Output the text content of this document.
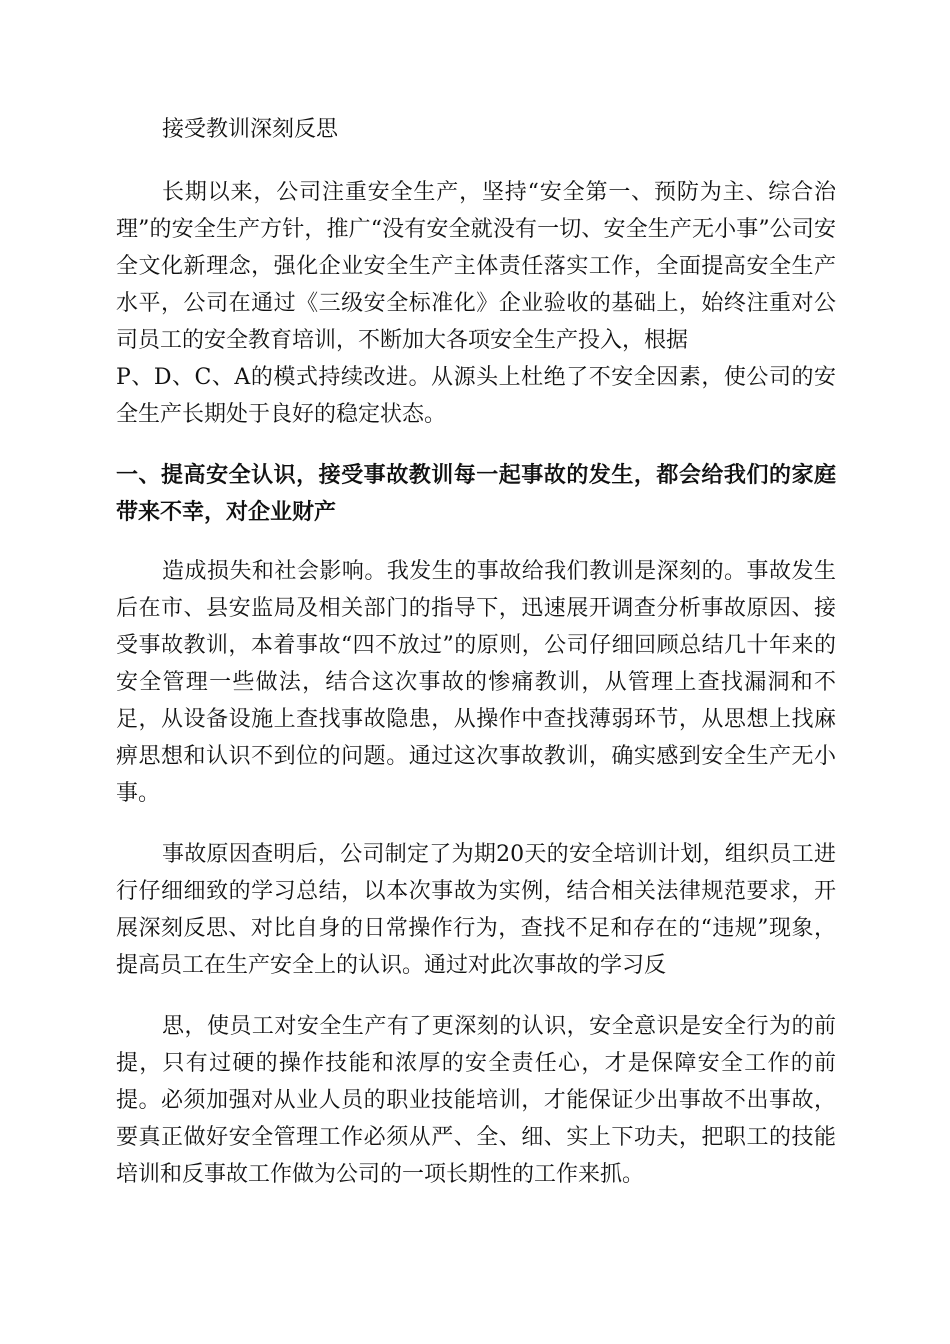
接受教训深刻反思

长期以来，公司注重安全生产，坚持“安全第一、预防为主、综合治理”的安全生产方针，推广“没有安全就没有一切、安全生产无小事”公司安全文化新理念，强化企业安全生产主体责任落实工作，全面提高安全生产水平，公司在通过《三级安全标准化》企业验收的基础上，始终注重对公司员工的安全教育培训，不断加大各项安全生产投入，根据
P、D、C、A的模式持续改进。从源头上杜绝了不安全因素，使公司的安全生产长期处于良好的稳定状态。

一、提高安全认识，接受事故教训每一起事故的发生，都会给我们的家庭带来不幸，对企业财产

造成损失和社会影响。我发生的事故给我们教训是深刻的。事故发生后在市、县安监局及相关部门的指导下，迅速展开调查分析事故原因、接受事故教训，本着事故“四不放过”的原则，公司仔细回顾总结几十年来的安全管理一些做法，结合这次事故的惨痛教训，从管理上查找漏洞和不足，从设备设施上查找事故隐患，从操作中查找薄弱环节，从思想上找麻痹思想和认识不到位的问题。通过这次事故教训，确实感到安全生产无小事。

事故原因查明后，公司制定了为期20天的安全培训计划，组织员工进行仔细细致的学习总结，以本次事故为实例，结合相关法律规范要求，开展深刻反思、对比自身的日常操作行为，查找不足和存在的“违规”现象，提高员工在生产安全上的认识。通过对此次事故的学习反

思，使员工对安全生产有了更深刻的认识，安全意识是安全行为的前提，只有过硬的操作技能和浓厚的安全责任心，才是保障安全工作的前提。必须加强对从业人员的职业技能培训，才能保证少出事故不出事故，要真正做好安全管理工作必须从严、全、细、实上下功夫，把职工的技能培训和反事故工作做为公司的一项长期性的工作来抓。
